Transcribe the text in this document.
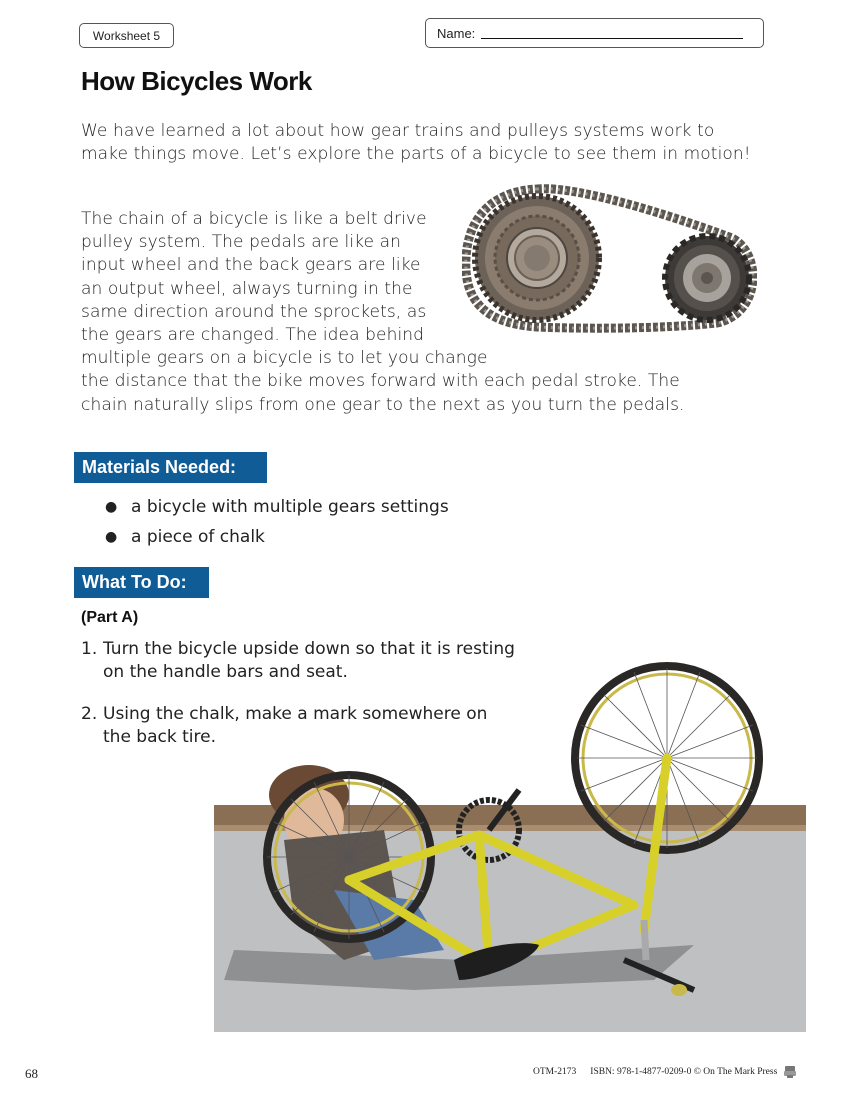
Worksheet 5	Name:
How Bicycles Work
We have learned a lot about how gear trains and pulleys systems work to make things move. Let’s explore the parts of a bicycle to see them in motion!
The chain of a bicycle is like a belt drive
pulley system. The pedals are like an
input wheel and the back gears are like
an output wheel, always turning in the
same direction around the sprockets, as
the gears are changed. The idea behind
multiple gears on a bicycle is to let you change
the distance that the bike moves forward with each pedal stroke. The
chain naturally slips from one gear to the next as you turn the pedals.
Materials Needed:
● a bicycle with multiple gears settings
● a piece of chalk
What To Do:
(Part A)
1. Turn the bicycle upside down so that it is resting
on the handle bars and seat.
2. Using the chalk, make a mark somewhere on
the back tire.
68	OTM-2173 ISBN: 978-1-4877-0209-0 © On The Mark Press
